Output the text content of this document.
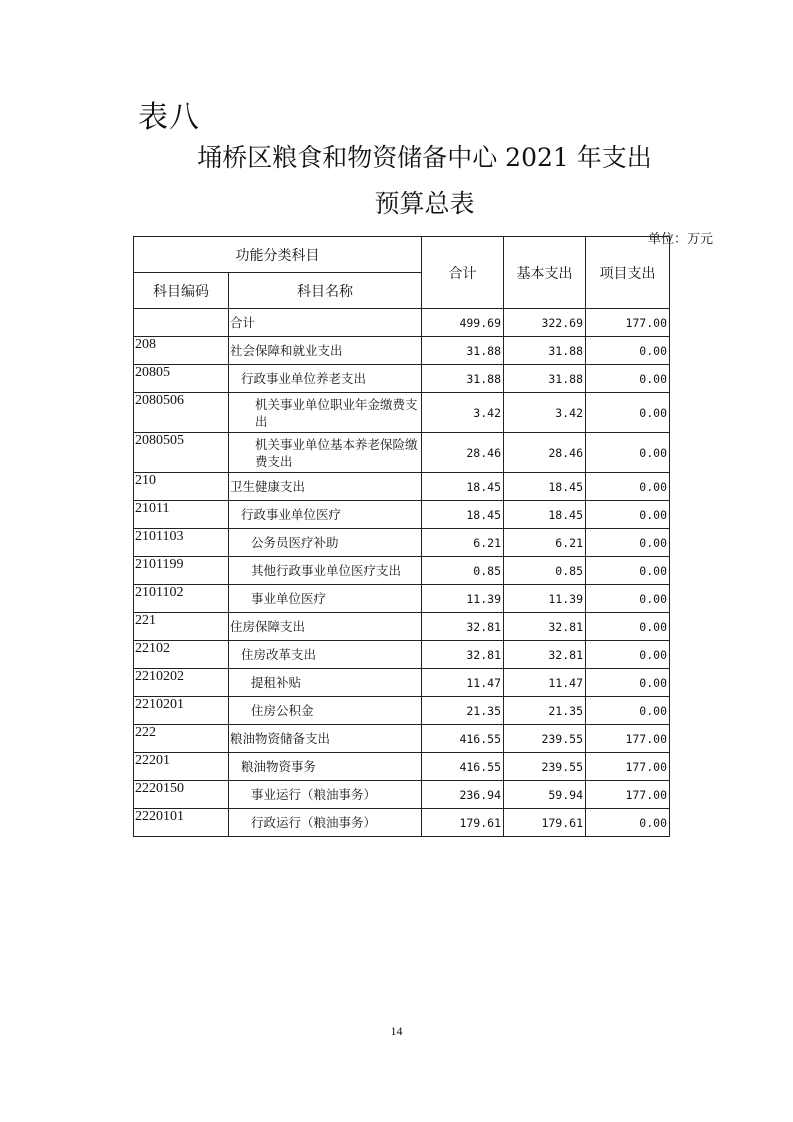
表八
埇桥区粮食和物资储备中心 2021 年支出
预算总表
单位：万元
功能分类科目		合计	基本支出	项目支出
科目编码	科目名称			
	合计	499.69	322.69	177.00
208	社会保障和就业支出	31.88	31.88	0.00
20805	行政事业单位养老支出	31.88	31.88	0.00
2080506	机关事业单位职业年金缴费支出	3.42	3.42	0.00
2080505	机关事业单位基本养老保险缴费支出	28.46	28.46	0.00
210	卫生健康支出	18.45	18.45	0.00
21011	行政事业单位医疗	18.45	18.45	0.00
2101103	公务员医疗补助	6.21	6.21	0.00
2101199	其他行政事业单位医疗支出	0.85	0.85	0.00
2101102	事业单位医疗	11.39	11.39	0.00
221	住房保障支出	32.81	32.81	0.00
22102	住房改革支出	32.81	32.81	0.00
2210202	提租补贴	11.47	11.47	0.00
2210201	住房公积金	21.35	21.35	0.00
222	粮油物资储备支出	416.55	239.55	177.00
22201	粮油物资事务	416.55	239.55	177.00
2220150	事业运行（粮油事务）	236.94	59.94	177.00
2220101	行政运行（粮油事务）	179.61	179.61	0.00
14
